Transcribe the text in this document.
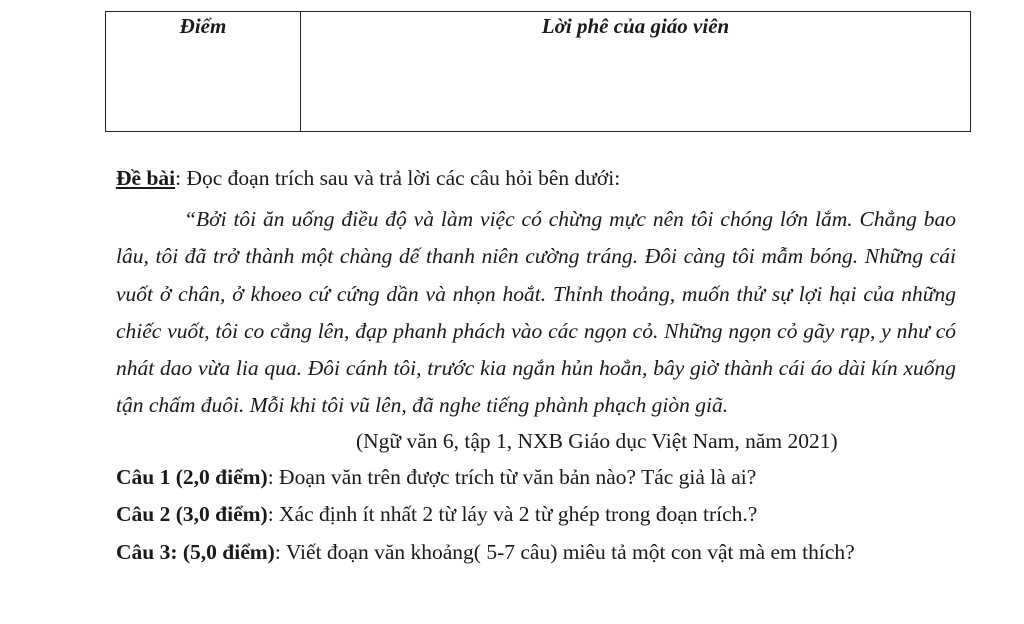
Điểm	Lời phê của giáo viên
Đề bài: Đọc đoạn trích sau và trả lời các câu hỏi bên dưới:
“Bởi tôi ăn uống điều độ và làm việc có chừng mực nên tôi chóng lớn lắm. Chẳng bao lâu, tôi đã trở thành một chàng dế thanh niên cường tráng. Đôi càng tôi mẫm bóng. Những cái vuốt ở chân, ở khoeo cứ cứng dần và nhọn hoắt. Thỉnh thoảng, muốn thử sự lợi hại của những chiếc vuốt, tôi co cẳng lên, đạp phanh phách vào các ngọn cỏ. Những ngọn cỏ gãy rạp, y như có nhát dao vừa lia qua. Đôi cánh tôi, trước kia ngắn hủn hoẳn, bây giờ thành cái áo dài kín xuống tận chấm đuôi. Mỗi khi tôi vũ lên, đã nghe tiếng phành phạch giòn giã.
(Ngữ văn 6, tập 1, NXB Giáo dục Việt Nam, năm 2021)
Câu 1 (2,0 điểm): Đoạn văn trên được trích từ văn bản nào? Tác giả là ai?
Câu 2 (3,0 điểm): Xác định ít nhất 2 từ láy và 2 từ ghép trong đoạn trích.?
Câu 3: (5,0 điểm): Viết đoạn văn khoảng( 5-7 câu) miêu tả một con vật mà em thích?
